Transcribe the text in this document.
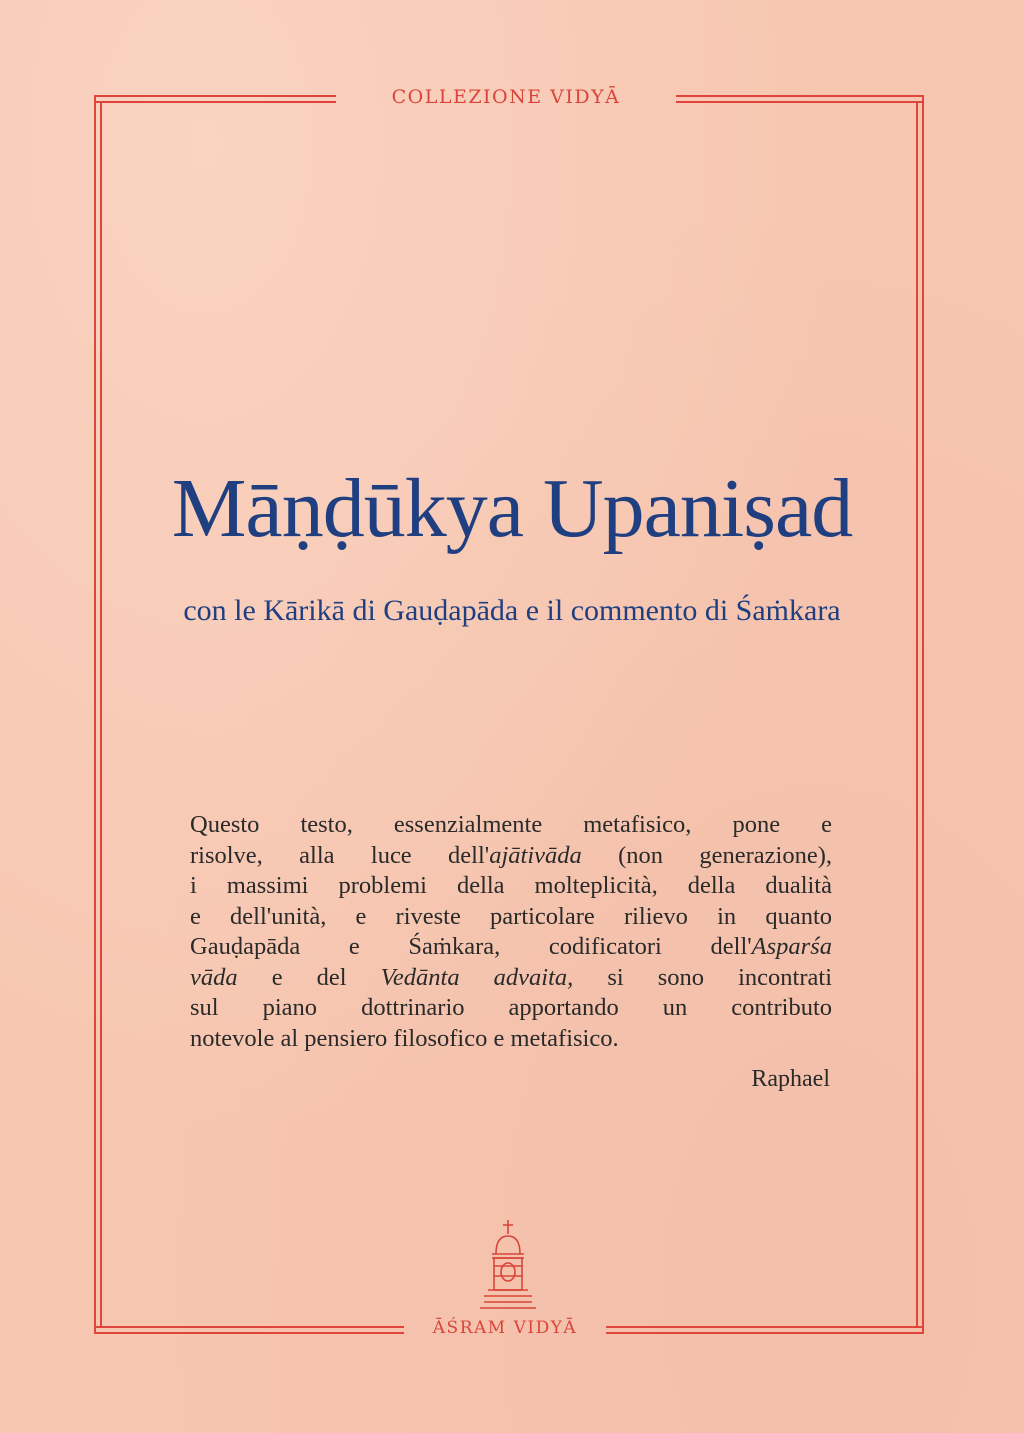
COLLEZIONE VIDYĀ
Māṇḍūkya Upaniṣad
con le Kārikā di Gauḍapāda e il commento di Śaṁkara
Questo testo, essenzialmente metafisico, pone e
risolve, alla luce dell'ajātivāda (non generazione),
i massimi problemi della molteplicità, della dualità
e dell'unità, e riveste particolare rilievo in quanto
Gauḍapāda e Śaṁkara, codificatori dell'Asparśa
vāda e del Vedānta advaita, si sono incontrati
sul piano dottrinario apportando un contributo
notevole al pensiero filosofico e metafisico.
Raphael
ĀŚRAM VIDYĀ
